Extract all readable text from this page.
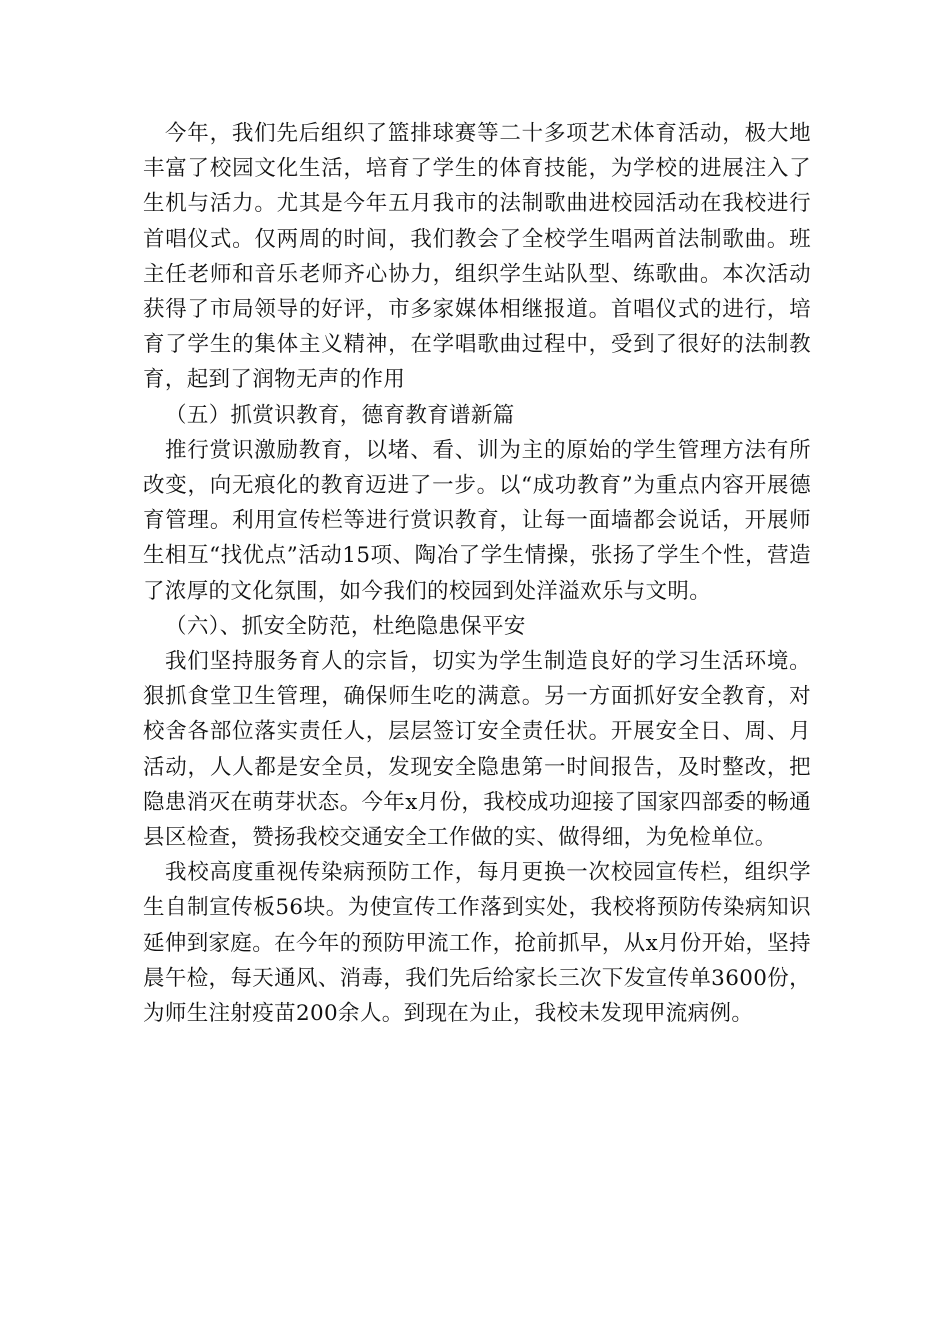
今年，我们先后组织了篮排球赛等二十多项艺术体育活动，极大地丰富了校园文化生活，培育了学生的体育技能，为学校的进展注入了生机与活力。尤其是今年五月我市的法制歌曲进校园活动在我校进行首唱仪式。仅两周的时间，我们教会了全校学生唱两首法制歌曲。班主任老师和音乐老师齐心协力，组织学生站队型、练歌曲。本次活动获得了市局领导的好评，市多家媒体相继报道。首唱仪式的进行，培育了学生的集体主义精神，在学唱歌曲过程中，受到了很好的法制教育，起到了润物无声的作用

（五）抓赏识教育，德育教育谱新篇

推行赏识激励教育，以堵、看、训为主的原始的学生管理方法有所改变，向无痕化的教育迈进了一步。以“成功教育”为重点内容开展德育管理。利用宣传栏等进行赏识教育，让每一面墙都会说话，开展师生相互“找优点”活动15项、陶冶了学生情操，张扬了学生个性，营造了浓厚的文化氛围，如今我们的校园到处洋溢欢乐与文明。

（六）、抓安全防范，杜绝隐患保平安

我们坚持服务育人的宗旨，切实为学生制造良好的学习生活环境。狠抓食堂卫生管理，确保师生吃的满意。另一方面抓好安全教育，对校舍各部位落实责任人，层层签订安全责任状。开展安全日、周、月活动，人人都是安全员，发现安全隐患第一时间报告，及时整改，把隐患消灭在萌芽状态。今年x月份，我校成功迎接了国家四部委的畅通县区检查，赞扬我校交通安全工作做的实、做得细，为免检单位。

我校高度重视传染病预防工作，每月更换一次校园宣传栏，组织学生自制宣传板56块。为使宣传工作落到实处，我校将预防传染病知识延伸到家庭。在今年的预防甲流工作，抢前抓早，从x月份开始，坚持晨午检，每天通风、消毒，我们先后给家长三次下发宣传单3600份，为师生注射疫苗200余人。到现在为止，我校未发现甲流病例。
